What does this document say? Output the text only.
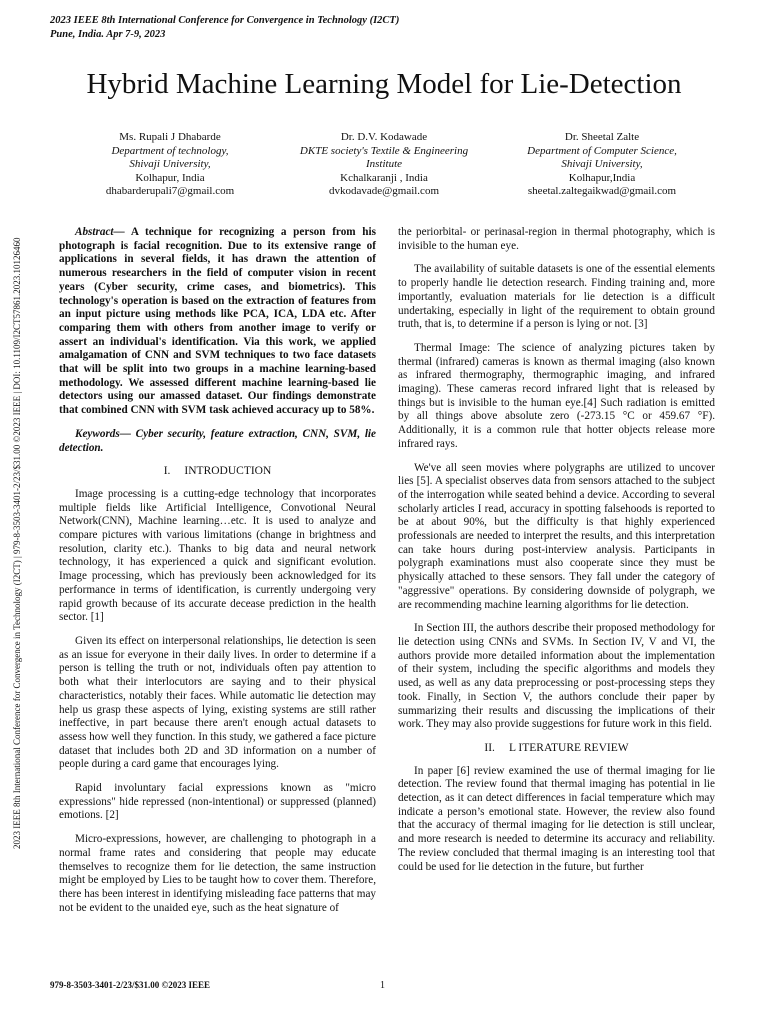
2023 IEEE 8th International Conference for Convergence in Technology (I2CT)
Pune, India. Apr 7-9, 2023
Hybrid Machine Learning Model for Lie-Detection
Ms. Rupali J Dhabarde
Department of technology,
Shivaji University,
Kolhapur, India
dhabarderupali7@gmail.com
Dr. D.V. Kodawade
DKTE society's Textile & Engineering
Institute
Kchalkaranji , India
dvkodavade@gmail.com
Dr. Sheetal Zalte
Department of Computer Science,
Shivaji University,
Kolhapur,India
sheetal.zaltegaikwad@gmail.com
2023 IEEE 8th International Conference for Convergence in Technology (I2CT) | 979-8-3503-3401-2/23/$31.00 ©2023 IEEE | DOI: 10.1109/I2CT57861.2023.10126460

Abstract— A technique for recognizing a person from his photograph is facial recognition. Due to its extensive range of applications in several fields, it has drawn the attention of numerous researchers in the field of computer vision in recent years (Cyber security, crime cases, and biometrics). This technology's operation is based on the extraction of features from an input picture using methods like PCA, ICA, LDA etc. After comparing them with others from another image to verify or assert an individual's identification. Via this work, we applied amalgamation of CNN and SVM techniques to two face datasets that will be split into two groups in a machine learning-based methodology. We assessed different machine learning-based lie detectors using our amassed dataset. Our findings demonstrate that combined CNN with SVM task achieved accuracy up to 58%.

Keywords— Cyber security, feature extraction, CNN, SVM, lie detection.

I. INTRODUCTION

Image processing is a cutting-edge technology that incorporates multiple fields like Artificial Intelligence, Convotional Neural Network(CNN), Machine learning…etc. It is used to analyze and compare pictures with various limitations (change in brightness and resolution, clarity etc.). Thanks to big data and neural network technology, it has experienced a quick and significant evolution. Image processing, which has previously been acknowledged for its performance in terms of identification, is currently undergoing very rapid growth because of its accurate decease prediction in the health sector. [1]

Given its effect on interpersonal relationships, lie detection is seen as an issue for everyone in their daily lives. In order to determine if a person is telling the truth or not, individuals often pay attention to both what their interlocutors are saying and to their physical characteristics, notably their faces. While automatic lie detection may help us grasp these aspects of lying, existing systems are still rather ineffective, in part because there aren't enough actual datasets to assess how well they function. In this study, we gathered a face picture dataset that includes both 2D and 3D information on a number of people during a card game that encourages lying.

Rapid involuntary facial expressions known as "micro expressions" hide repressed (non-intentional) or suppressed (planned) emotions. [2]

Micro-expressions, however, are challenging to photograph in a normal frame rates and considering that people may educate themselves to recognize them for lie detection, the same instruction might be employed by Lies to be taught how to cover them. Therefore, there has been interest in identifying misleading face patterns that may not be evident to the unaided eye, such as the heat signature of

the periorbital- or perinasal-region in thermal photography, which is invisible to the human eye.

The availability of suitable datasets is one of the essential elements to properly handle lie detection research. Finding training and, more importantly, evaluation materials for lie detection is a difficult undertaking, especially in light of the requirement to obtain ground truth, that is, to determine if a person is lying or not. [3]

Thermal Image: The science of analyzing pictures taken by thermal (infrared) cameras is known as thermal imaging (also known as infrared thermography, thermographic imaging, and infrared imaging). These cameras record infrared light that is released by things but is invisible to the human eye.[4] Such radiation is emitted by all things above absolute zero (-273.15 °C or 459.67 °F). Additionally, it is a common rule that hotter objects release more infrared rays.

We've all seen movies where polygraphs are utilized to uncover lies [5]. A specialist observes data from sensors attached to the subject of the interrogation while seated behind a device. According to several scholarly articles I read, accuracy in spotting falsehoods is reported to be at about 90%, but the difficulty is that highly experienced professionals are needed to interpret the results, and this interpretation can take hours during post-interview analysis. Participants in polygraph examinations must also cooperate since they must be physically attached to these sensors. They fall under the category of "aggressive" operations. By considering downside of polygraph, we are recommending machine learning algorithms for lie detection.

In Section III, the authors describe their proposed methodology for lie detection using CNNs and SVMs. In Section IV, V and VI, the authors provide more detailed information about the implementation of their system, including the specific algorithms and models they used, as well as any data preprocessing or post-processing steps they took. Finally, in Section V, the authors conclude their paper by summarizing their results and discussing the implications of their work. They may also provide suggestions for future work in this field.

II. L ITERATURE REVIEW

In paper [6] review examined the use of thermal imaging for lie detection. The review found that thermal imaging has potential in lie detection, as it can detect differences in facial temperature which may indicate a person’s emotional state. However, the review also found that the accuracy of thermal imaging for lie detection is still unclear, and more research is needed to determine its accuracy and reliability. The review concluded that thermal imaging is an interesting tool that could be used for lie detection in the future, but further

979-8-3503-3401-2/23/$31.00 ©2023 IEEE	1
